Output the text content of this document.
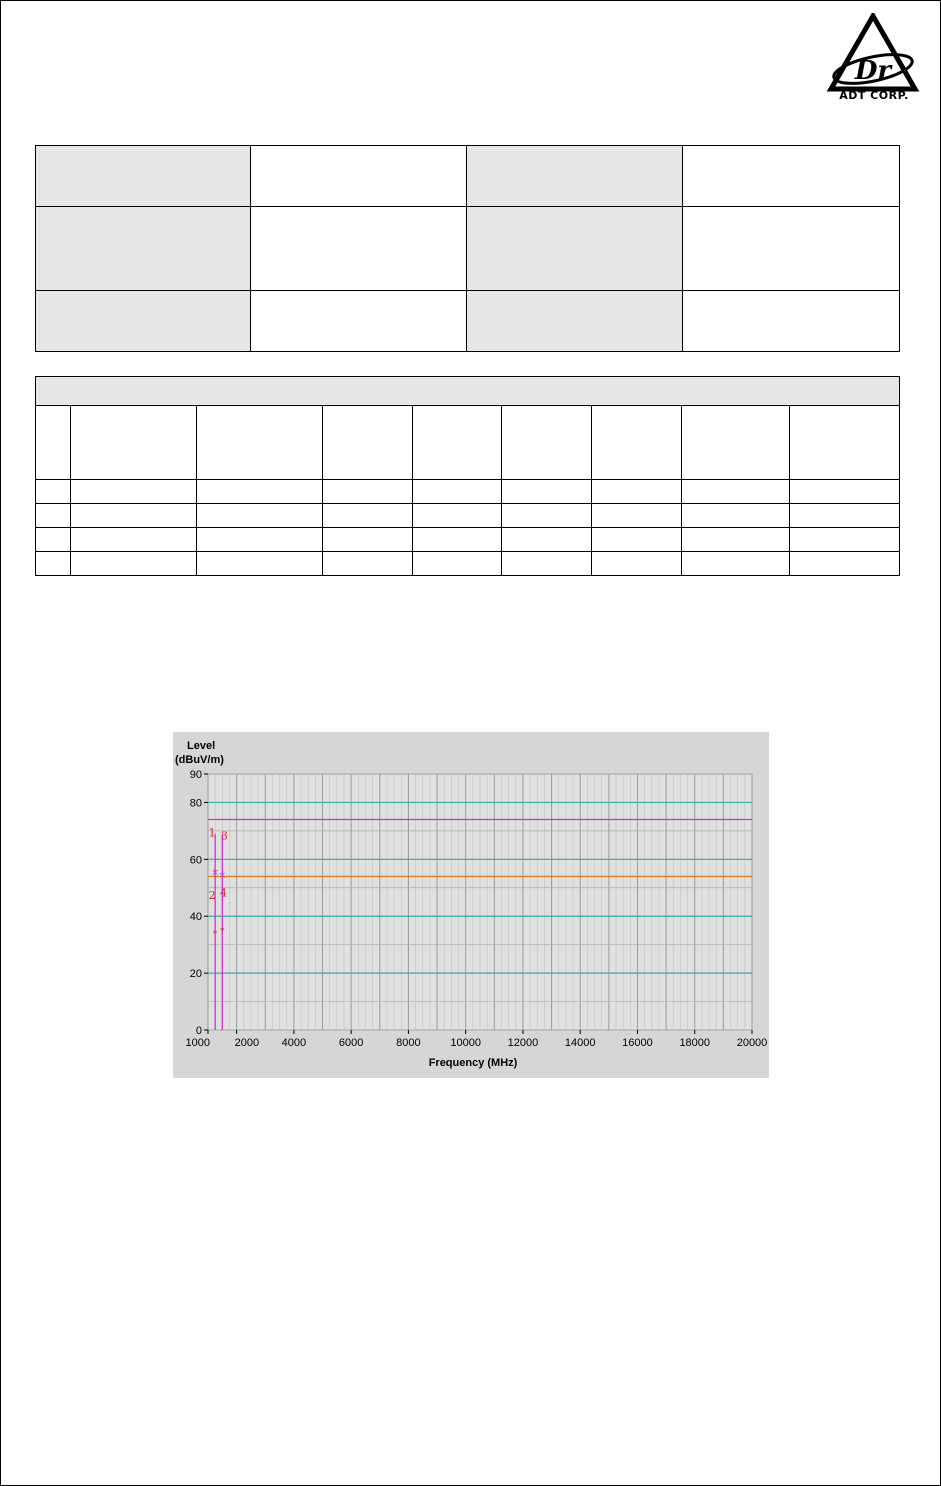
Dr
ADT CORP.

0
20
40
60
80
90
1000 2000 4000	6000	8000	10000 12000 14000 16000 18000 20000
×
1
*
2
×
3
*
4
Level
(dBuV/m)
Frequency (MHz)
